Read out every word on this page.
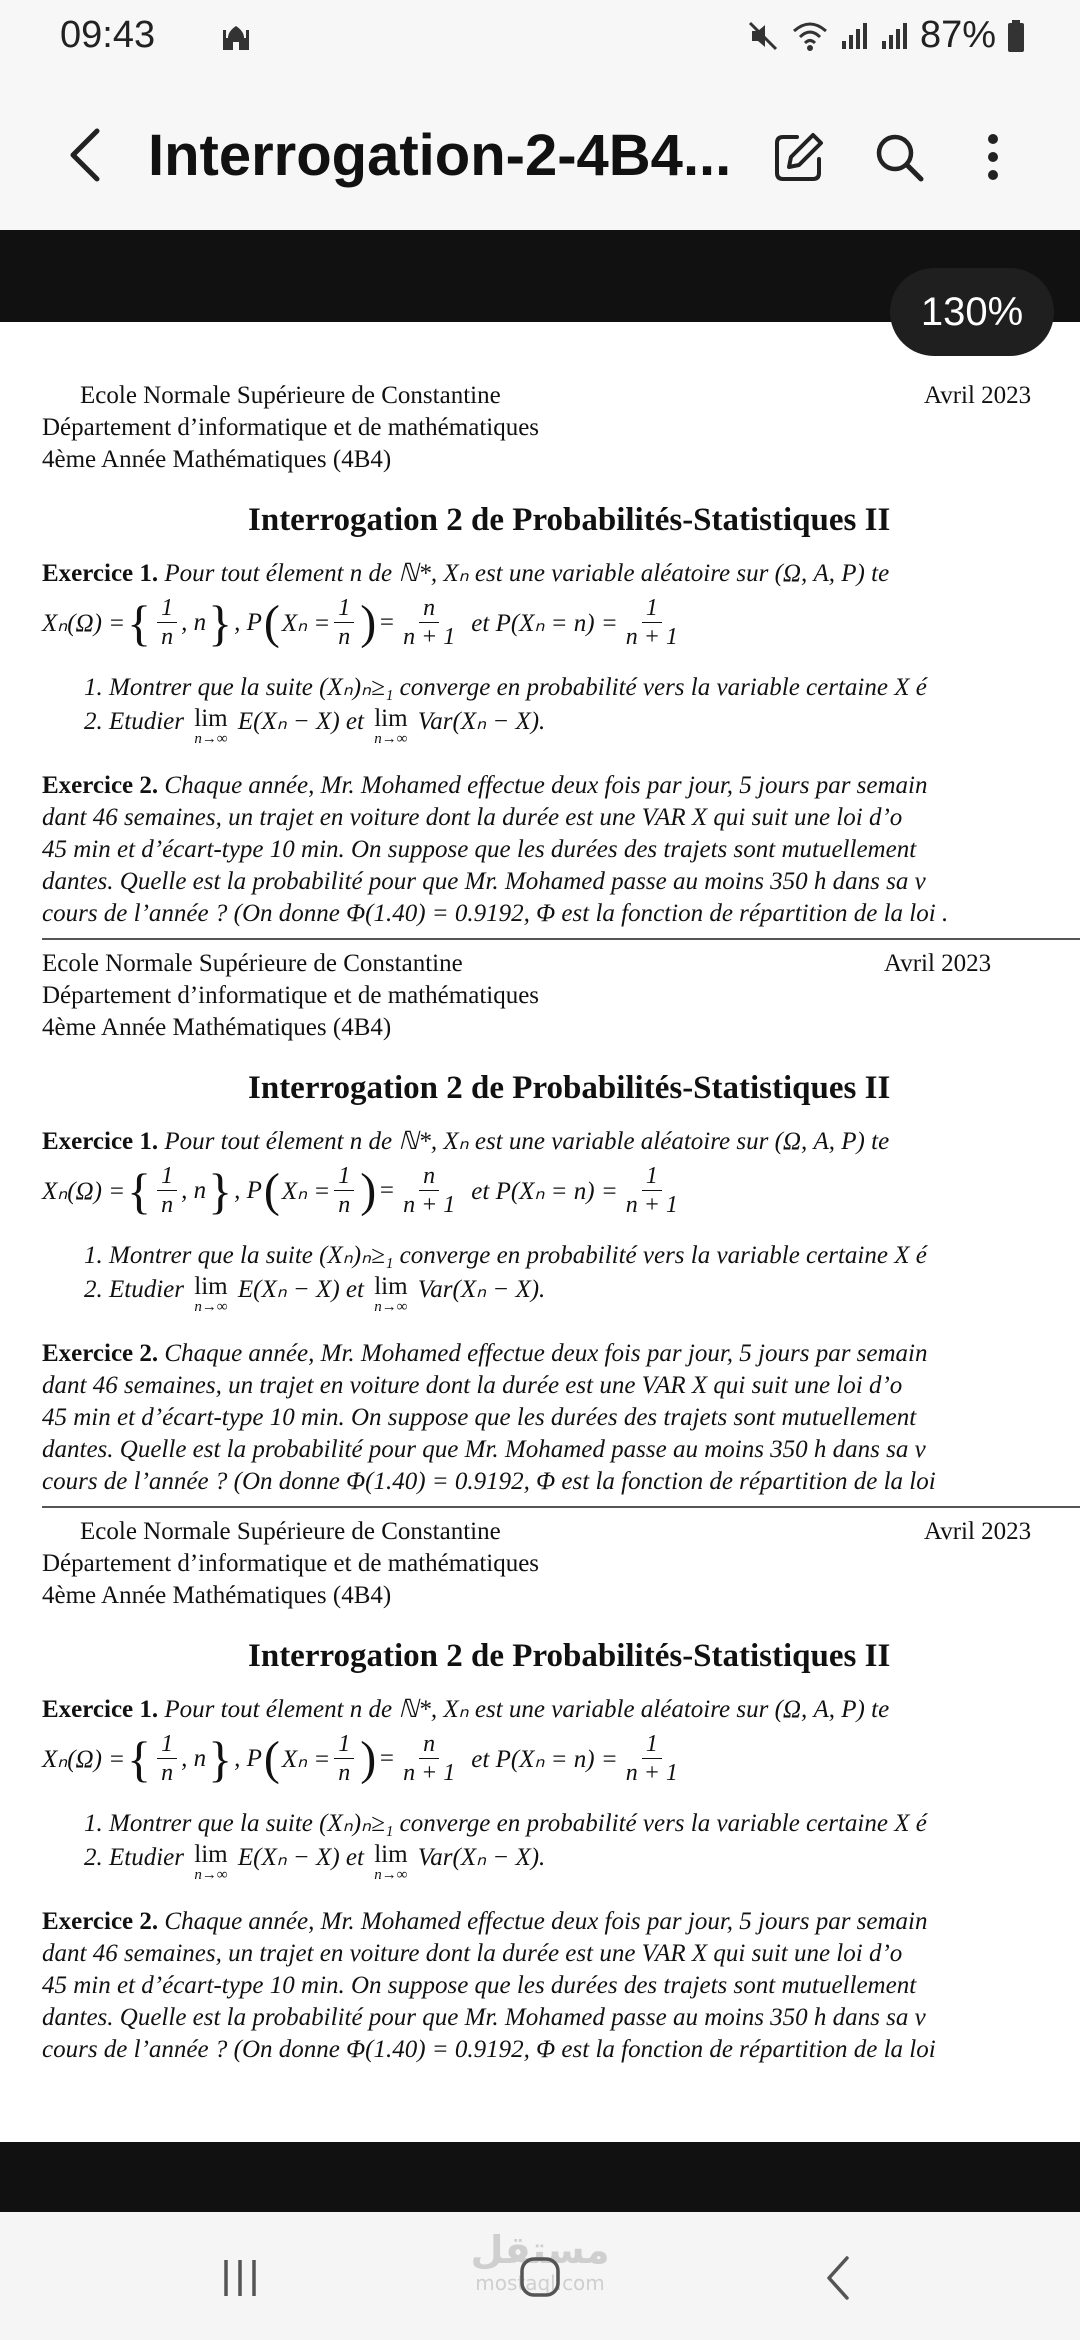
09:43	87%
Interrogation-2-4B4...
Ecole Normale Supérieure de Constantine	Avril 2023
Département d’informatique et de mathématiques
4ème Année Mathématiques (4B4)
Interrogation 2 de Probabilités-Statistiques II
Exercice 1. Pour tout élement n de ℕ*, Xₙ est une variable aléatoire sur (Ω, A, P) te
Xₙ(Ω) = { $\frac{1}{n}$ , n } , P ( $X_n = \frac{1}{n}$ ) = $\frac{n}{n + 1}$ et $P(X_n = n) = \frac{1}{n + 1}$
1. Montrer que la suite (Xₙ)ₙ≥₁ converge en probabilité vers la variable certaine X é
2. Etudier lim
n→∞
E(Xₙ − X) et lim
n→∞
Var(Xₙ − X).
Exercice 2. Chaque année, Mr. Mohamed effectue deux fois par jour, 5 jours par semain
dant 46 semaines, un trajet en voiture dont la durée est une VAR X qui suit une loi d’o
45 min et d’écart-type 10 min. On suppose que les durées des trajets sont mutuellement
dantes. Quelle est la probabilité pour que Mr. Mohamed passe au moins 350 h dans sa v
cours de l’année ? (On donne Φ(1.40) = 0.9192, Φ est la fonction de répartition de la loi .
Ecole Normale Supérieure de Constantine	Avril 2023
Département d’informatique et de mathématiques
4ème Année Mathématiques (4B4)
Interrogation 2 de Probabilités-Statistiques II
Exercice 1. Pour tout élement n de ℕ*, Xₙ est une variable aléatoire sur (Ω, A, P) te
Xₙ(Ω) = { $\frac{1}{n}$ , n } , P ( $X_n = \frac{1}{n}$ ) = $\frac{n}{n + 1}$ et $P(X_n = n) = \frac{1}{n + 1}$
1. Montrer que la suite (Xₙ)ₙ≥₁ converge en probabilité vers la variable certaine X é
2. Etudier lim
n→∞
E(Xₙ − X) et lim
n→∞
Var(Xₙ − X).
Exercice 2. Chaque année, Mr. Mohamed effectue deux fois par jour, 5 jours par semain
dant 46 semaines, un trajet en voiture dont la durée est une VAR X qui suit une loi d’o
45 min et d’écart-type 10 min. On suppose que les durées des trajets sont mutuellement
dantes. Quelle est la probabilité pour que Mr. Mohamed passe au moins 350 h dans sa v
cours de l’année ? (On donne Φ(1.40) = 0.9192, Φ est la fonction de répartition de la loi
Ecole Normale Supérieure de Constantine	Avril 2023
Département d’informatique et de mathématiques
4ème Année Mathématiques (4B4)
Interrogation 2 de Probabilités-Statistiques II
Exercice 1. Pour tout élement n de ℕ*, Xₙ est une variable aléatoire sur (Ω, A, P) te
Xₙ(Ω) = { $\frac{1}{n}$ , n } , P ( $X_n = \frac{1}{n}$ ) = $\frac{n}{n + 1}$ et $P(X_n = n) = \frac{1}{n + 1}$
1. Montrer que la suite (Xₙ)ₙ≥₁ converge en probabilité vers la variable certaine X é
2. Etudier lim
n→∞
E(Xₙ − X) et lim
n→∞
Var(Xₙ − X).
Exercice 2. Chaque année, Mr. Mohamed effectue deux fois par jour, 5 jours par semain
dant 46 semaines, un trajet en voiture dont la durée est une VAR X qui suit une loi d’o
45 min et d’écart-type 10 min. On suppose que les durées des trajets sont mutuellement
dantes. Quelle est la probabilité pour que Mr. Mohamed passe au moins 350 h dans sa v
cours de l’année ? (On donne Φ(1.40) = 0.9192, Φ est la fonction de répartition de la loi
130%
مستقل
mostaql.com
